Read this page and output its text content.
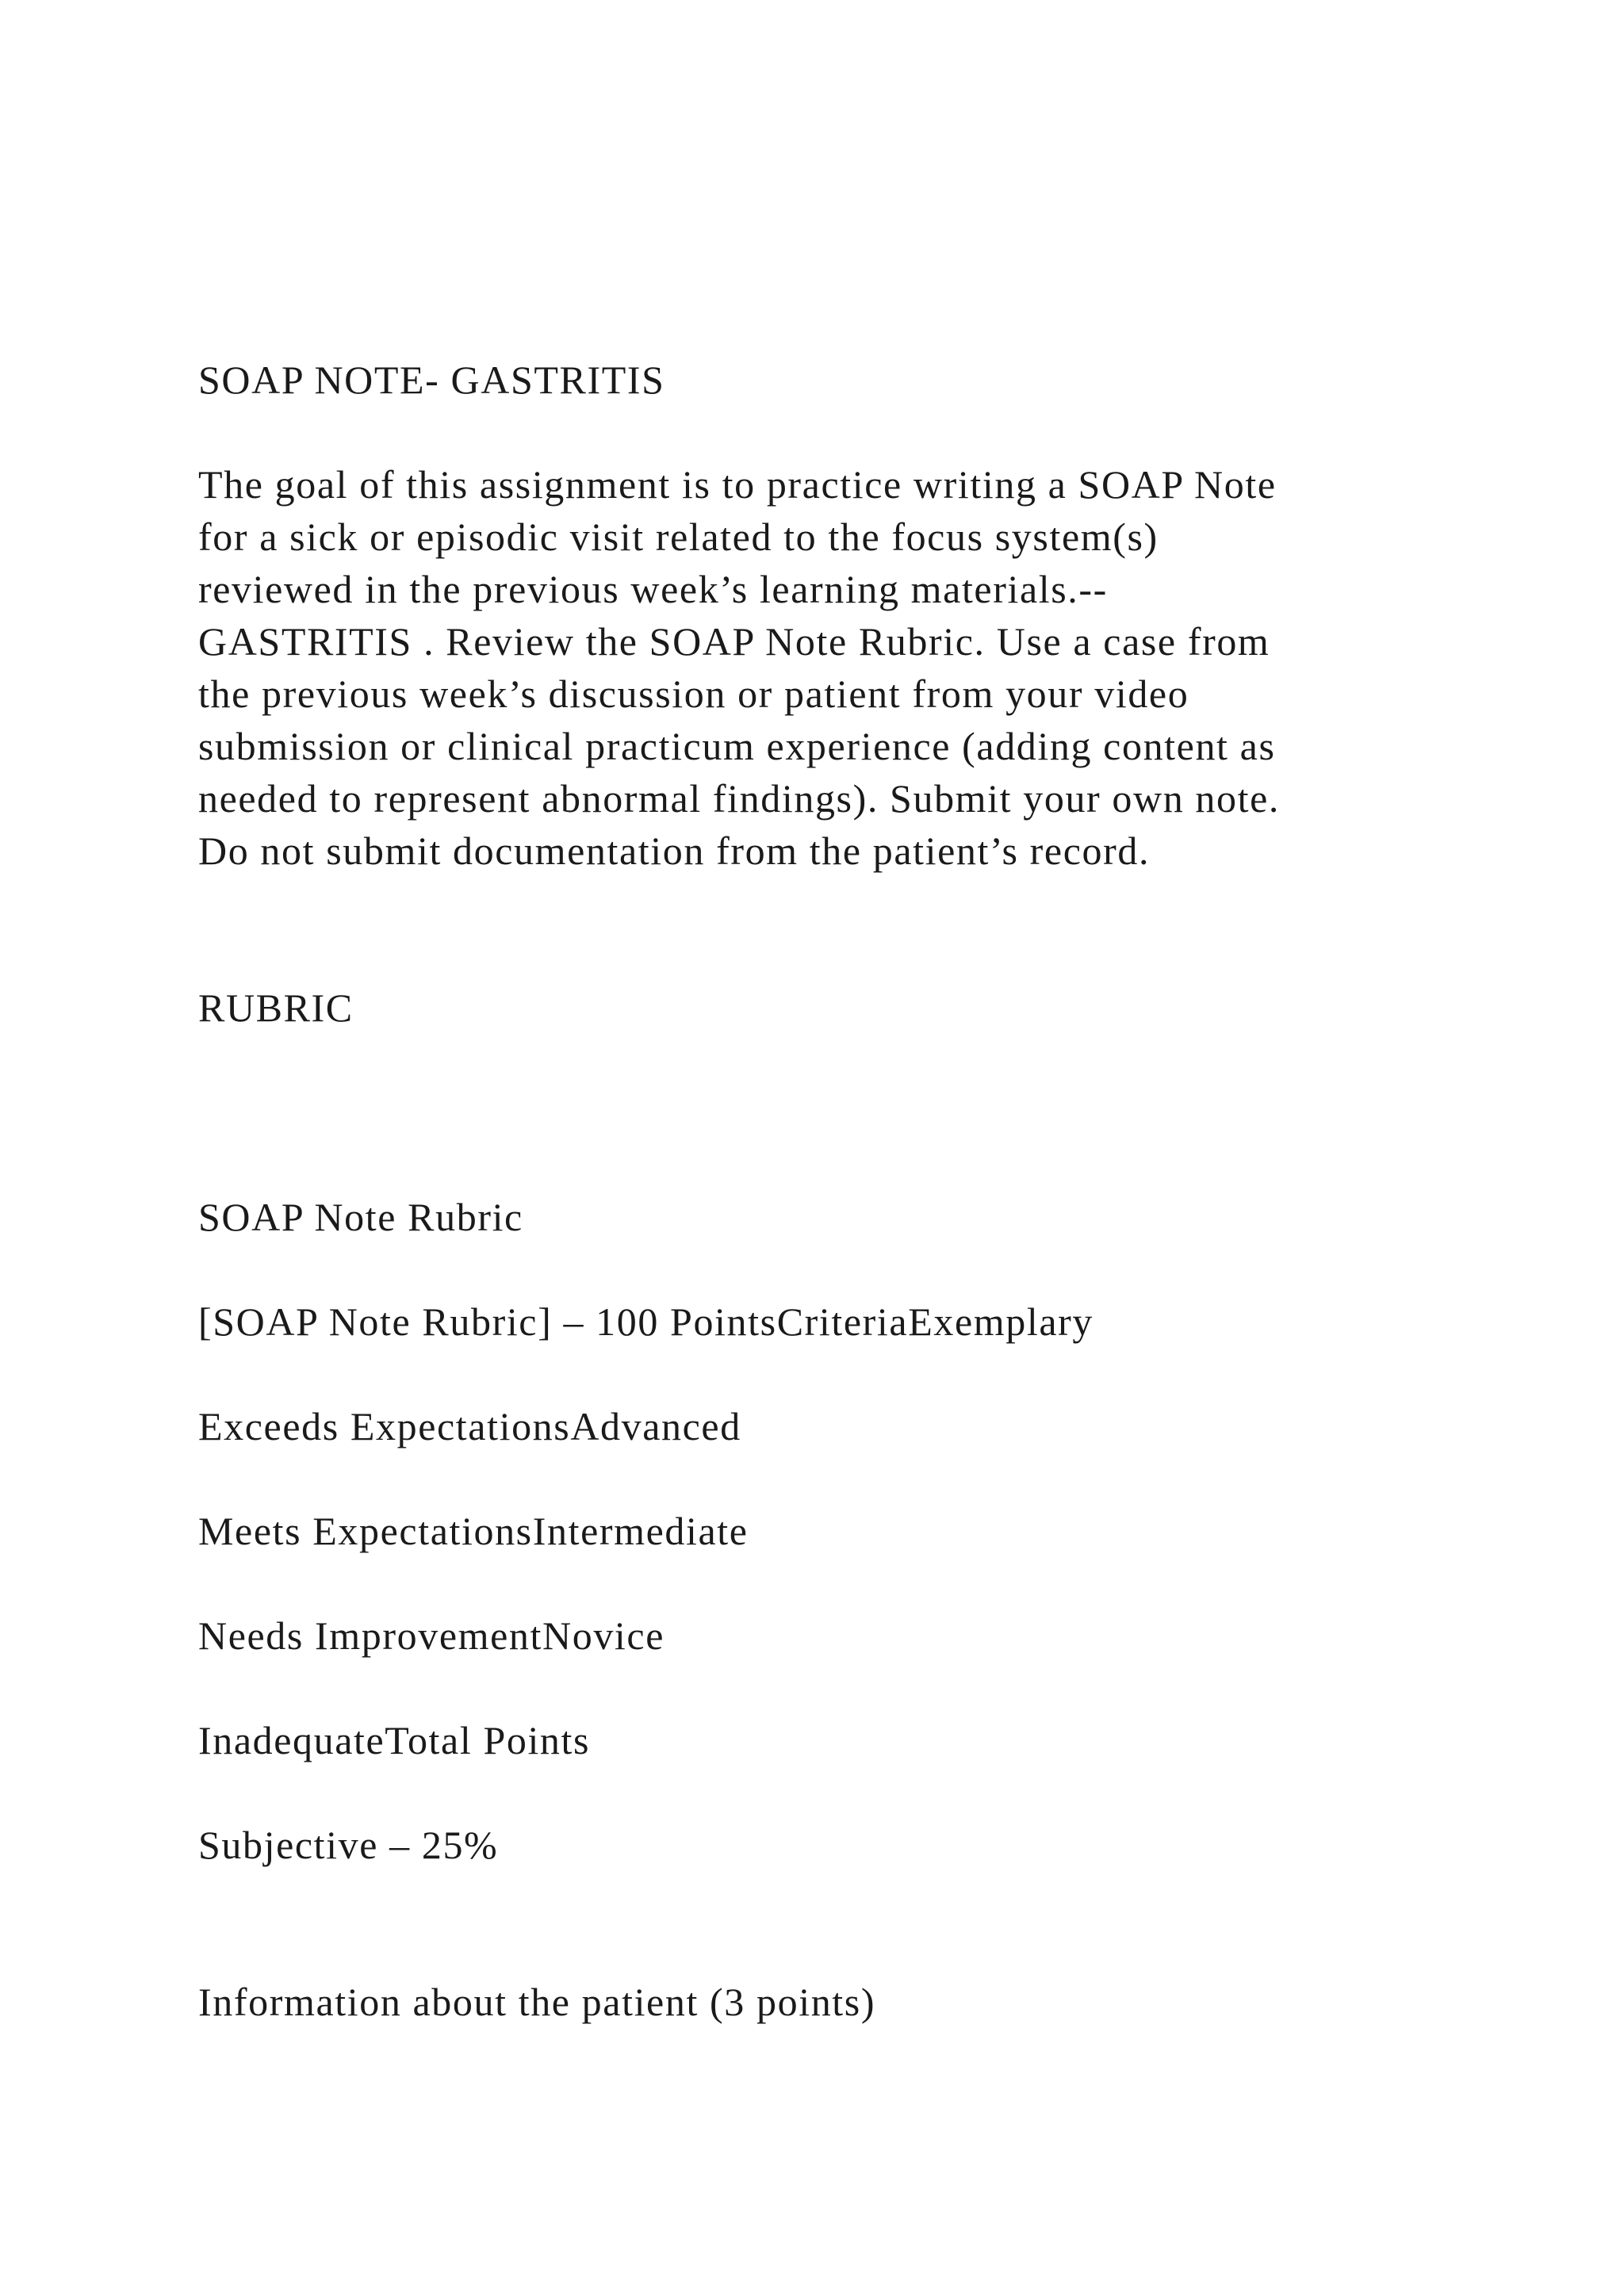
SOAP NOTE- GASTRITIS

The goal of this assignment is to practice writing a SOAP Note

for a sick or episodic visit related to the focus system(s)

reviewed in the previous week’s learning materials.--

GASTRITIS . Review the SOAP Note Rubric. Use a case from

the previous week’s discussion or patient from your video

submission or clinical practicum experience (adding content as

needed to represent abnormal findings). Submit your own note.

Do not submit documentation from the patient’s record.

RUBRIC

SOAP Note Rubric

[SOAP Note Rubric] – 100 PointsCriteriaExemplary

Exceeds ExpectationsAdvanced

Meets ExpectationsIntermediate

Needs ImprovementNovice

InadequateTotal Points

Subjective – 25%

Information about the patient (3 points)
